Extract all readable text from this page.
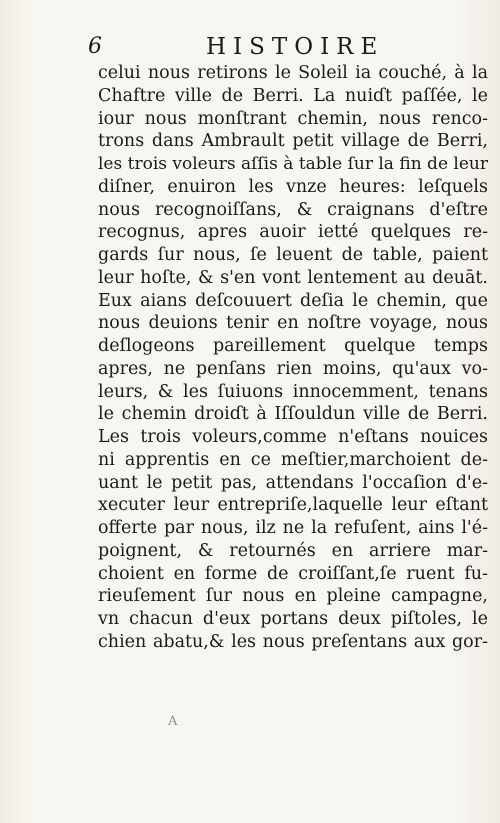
6	HISTOIRE
celui nous retirons le Soleil ia couché, à la
Chaftre ville de Berri. La nuiɗt paſſée, le
iour nous monſtrant chemin, nous renco-
trons dans Ambrault petit village de Berri,
les trois voleurs aſſis à table ſur la fin de leur
diſner, enuiron les vnze heures: leſquels
nous recognoiſſans, & craignans d'eſtre
recognus, apres auoir ietté quelques re-
gards ſur nous, ſe leuent de table, paient
leur hoſte, & s'en vont lentement au deuāt.
Eux aians deſcouuert deſia le chemin, que
nous deuions tenir en noſtre voyage, nous
deſlogeons pareillement quelque temps
apres, ne penſans rien moins, qu'aux vo-
leurs, & les ſuiuons innocemment, tenans
le chemin droiɗt à Iſſouldun ville de Berri.
Les trois voleurs,comme n'eſtans nouices
ni apprentis en ce meſtier,marchoient de-
uant le petit pas, attendans l'occaſion d'e-
xecuter leur entrepriſe,laquelle leur eſtant
offerte par nous, ilz ne la refuſent, ains l'é-
poignent, & retournés en arriere mar-
choient en forme de croiſſant,ſe ruent fu-
rieuſement ſur nous en pleine campagne,
vn chacun d'eux portans deux piſtoles, le
chien abatu,& les nous preſentans aux gor-
A
